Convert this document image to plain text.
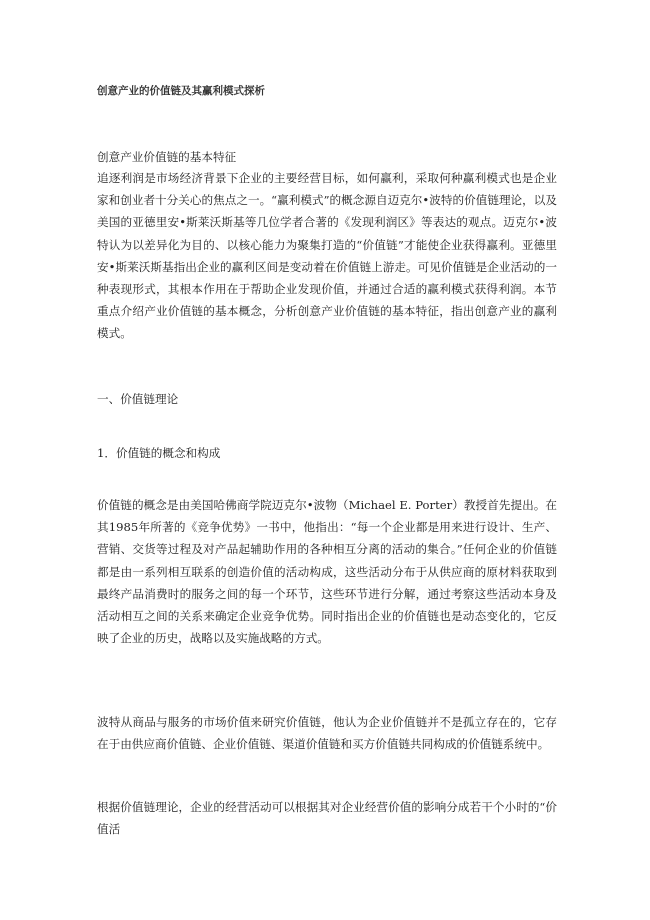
创意产业的价值链及其赢利模式探析
创意产业价值链的基本特征
追逐利润是市场经济背景下企业的主要经营目标，如何赢利，采取何种赢利模式也是企业家和创业者十分关心的焦点之一。“赢利模式”的概念源自迈克尔•波特的价值链理论，以及美国的亚德里安•斯莱沃斯基等几位学者合著的《发现利润区》等表达的观点。迈克尔•波特认为以差异化为目的、以核心能力为聚集打造的“价值链”才能使企业获得赢利。亚德里安•斯莱沃斯基指出企业的赢利区间是变动着在价值链上游走。可见价值链是企业活动的一种表现形式，其根本作用在于帮助企业发现价值，并通过合适的赢利模式获得利润。本节重点介绍产业价值链的基本概念，分析创意产业价值链的基本特征，指出创意产业的赢利模式。
一、价值链理论
1．价值链的概念和构成
价值链的概念是由美国哈佛商学院迈克尔•波物（Michael E. Porter）教授首先提出。在其1985年所著的《竞争优势》一书中，他指出：“每一个企业都是用来进行设计、生产、营销、交货等过程及对产品起辅助作用的各种相互分离的活动的集合。”任何企业的价值链都是由一系列相互联系的创造价值的活动构成，这些活动分布于从供应商的原材料获取到最终产品消费时的服务之间的每一个环节，这些环节进行分解，通过考察这些活动本身及活动相互之间的关系来确定企业竞争优势。同时指出企业的价值链也是动态变化的，它反映了企业的历史，战略以及实施战略的方式。
波特从商品与服务的市场价值来研究价值链，他认为企业价值链并不是孤立存在的，它存在于由供应商价值链、企业价值链、渠道价值链和买方价值链共同构成的价值链系统中。
根据价值链理论，企业的经营活动可以根据其对企业经营价值的影响分成若干个小时的“价值活
